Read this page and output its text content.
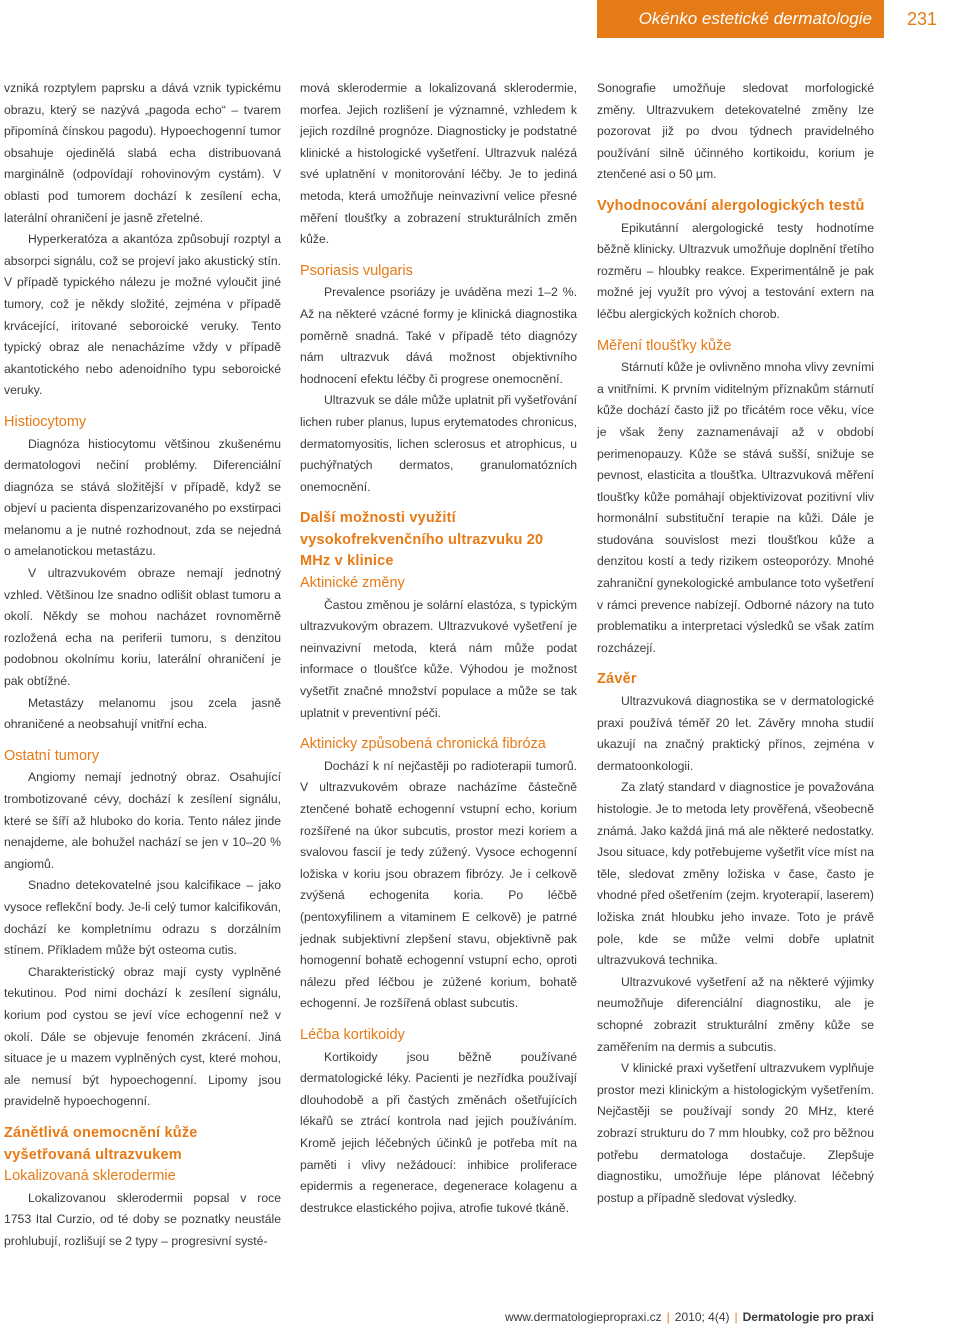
Okénko estetické dermatologie	231

vzniká rozptylem paprsku a dává vznik typickému obrazu, který se nazývá „pagoda echo“ – tvarem připomíná čínskou pagodu). Hypoechogenní tumor obsahuje ojedinělá slabá echa distribuovaná marginálně (odpovídají rohovinovým cystám). V oblasti pod tumorem dochází k zesílení echa, laterální ohraničení je jasně zřetelné.

Hyperkeratóza a akantóza způsobují rozptyl a absorpci signálu, což se projeví jako akustický stín. V případě typického nálezu je možné vyloučit jiné tumory, což je někdy složité, zejména v případě krvácející, iritované seboroické veruky. Tento typický obraz ale nenacházíme vždy v případě akantotického nebo adenoidního typu seboroické veruky.

Histiocytomy

Diagnóza histiocytomu většinou zkušenému dermatologovi nečiní problémy. Diferenciální diagnóza se stává složitější v případě, když se objeví u pacienta dispenzarizovaného po exstirpaci melanomu a je nutné rozhodnout, zda se nejedná o amelanotickou metastázu.

V ultrazvukovém obraze nemají jednotný vzhled. Většinou lze snadno odlišit oblast tumoru a okolí. Někdy se mohou nacházet rovnoměrně rozložená echa na periferii tumoru, s denzitou podobnou okolnímu koriu, laterální ohraničení je pak obtížné.

Metastázy melanomu jsou zcela jasně ohraničené a neobsahují vnitřní echa.

Ostatní tumory

Angiomy nemají jednotný obraz. Osahující trombotizované cévy, dochází k zesílení signálu, které se šíří až hluboko do koria. Tento nález jinde nenajdeme, ale bohužel nachází se jen v 10–20 % angiomů.

Snadno detekovatelné jsou kalcifikace – jako vysoce reflekční body. Je-li celý tumor kalcifikován, dochází ke kompletnímu odrazu s dorzálním stínem. Příkladem může být osteoma cutis.

Charakteristický obraz mají cysty vyplněné tekutinou. Pod nimi dochází k zesílení signálu, korium pod cystou se jeví více echogenní než v okolí. Dále se objevuje fenomén zkrácení. Jiná situace je u mazem vyplněných cyst, které mohou, ale nemusí být hypoechogenní. Lipomy jsou pravidelně hypoechogenní.

Zánětlivá onemocnění kůže vyšetřovaná ultrazvukem
Lokalizovaná sklerodermie

Lokalizovanou sklerodermii popsal v roce 1753 Ital Curzio, od té doby se poznatky neustále prohlubují, rozlišují se 2 typy – progresivní systé-

mová sklerodermie a lokalizovaná sklerodermie, morfea. Jejich rozlišení je významné, vzhledem k jejich rozdílné prognóze. Diagnosticky je podstatné klinické a histologické vyšetření. Ultrazvuk nalézá své uplatnění v monitorování léčby. Je to jediná metoda, která umožňuje neinvazivní velice přesné měření tloušťky a zobrazení strukturálních změn kůže.

Psoriasis vulgaris

Prevalence psoriázy je uváděna mezi 1–2 %. Až na některé vzácné formy je klinická diagnostika poměrně snadná. Také v případě této diagnózy nám ultrazvuk dává možnost objektivního hodnocení efektu léčby či progrese onemocnění.

Ultrazvuk se dále může uplatnit při vyšetřování lichen ruber planus, lupus erytematodes chronicus, dermatomyositis, lichen sclerosus et atrophicus, u puchýřnatých dermatos, granulomatózních onemocnění.

Další možnosti využití vysokofrekvenčního ultrazvuku 20 MHz v klinice
Aktinické změny

Častou změnou je solární elastóza, s typickým ultrazvukovým obrazem. Ultrazvukové vyšetření je neinvazivní metoda, která nám může podat informace o tloušťce kůže. Výhodou je možnost vyšetřit značné množství populace a může se tak uplatnit v preventivní péči.

Aktinicky způsobená chronická fibróza

Dochází k ní nejčastěji po radioterapii tumorů. V ultrazvukovém obraze nacházíme částečně ztenčené bohatě echogenní vstupní echo, korium rozšířené na úkor subcutis, prostor mezi koriem a svalovou fascií je tedy zúžený. Vysoce echogenní ložiska v koriu jsou obrazem fibrózy. Je i celkově zvýšená echogenita koria. Po léčbě (pentoxyfilinem a vitaminem E celkově) je patrné jednak subjektivní zlepšení stavu, objektivně pak homogenní bohatě echogenní vstupní echo, oproti nálezu před léčbou je zúžené korium, bohatě echogenní. Je rozšířená oblast subcutis.

Léčba kortikoidy

Kortikoidy jsou běžně používané dermatologické léky. Pacienti je nezřídka používají dlouhodobě a při častých změnách ošetřujících lékařů se ztrácí kontrola nad jejich používáním. Kromě jejich léčebných účinků je potřeba mít na paměti i vlivy nežádoucí: inhibice proliferace epidermis a regenerace, degenerace kolagenu a destrukce elastického pojiva, atrofie tukové tkáně.

Sonografie umožňuje sledovat morfologické změny. Ultrazvukem detekovatelné změny lze pozorovat již po dvou týdnech pravidelného používání silně účinného kortikoidu, korium je ztenčené asi o 50 µm.

Vyhodnocování alergologických testů

Epikutánní alergologické testy hodnotíme běžně klinicky. Ultrazvuk umožňuje doplnění třetího rozměru – hloubky reakce. Experimentálně je pak možné jej využít pro vývoj a testování extern na léčbu alergických kožních chorob.

Měření tloušťky kůže

Stárnutí kůže je ovlivněno mnoha vlivy zevními a vnitřními. K prvním viditelným příznakům stárnutí kůže dochází často již po třicátém roce věku, více je však ženy zaznamenávají až v období perimenopauzy. Kůže se stává sušší, snižuje se pevnost, elasticita a tloušťka. Ultrazvuková měření tloušťky kůže pomáhají objektivizovat pozitivní vliv hormonální substituční terapie na kůži. Dále je studována souvislost mezi tloušťkou kůže a denzitou kostí a tedy rizikem osteoporózy. Mnohé zahraniční gynekologické ambulance toto vyšetření v rámci prevence nabízejí. Odborné názory na tuto problematiku a interpretaci výsledků se však zatím rozcházejí.

Závěr

Ultrazvuková diagnostika se v dermatologické praxi používá téměř 20 let. Závěry mnoha studií ukazují na značný praktický přínos, zejména v dermatoonkologii.

Za zlatý standard v diagnostice je považována histologie. Je to metoda lety prověřená, všeobecně známá. Jako každá jiná má ale některé nedostatky. Jsou situace, kdy potřebujeme vyšetřit více míst na těle, sledovat změny ložiska v čase, často je vhodné před ošetřením (zejm. kryoterapií, laserem) ložiska znát hloubku jeho invaze. Toto je právě pole, kde se může velmi dobře uplatnit ultrazvuková technika.

Ultrazvukové vyšetření až na některé výjimky neumožňuje diferenciální diagnostiku, ale je schopné zobrazit strukturální změny kůže se zaměřením na dermis a subcutis.

V klinické praxi vyšetření ultrazvukem vyplňuje prostor mezi klinickým a histologickým vyšetřením. Nejčastěji se používají sondy 20 MHz, které zobrazí strukturu do 7 mm hloubky, což pro běžnou potřebu dermatologa dostačuje. Zlepšuje diagnostiku, umožňuje lépe plánovat léčebný postup a případně sledovat výsledky.

www.dermatologiepropraxi.cz | 2010; 4(4) | Dermatologie pro praxi
